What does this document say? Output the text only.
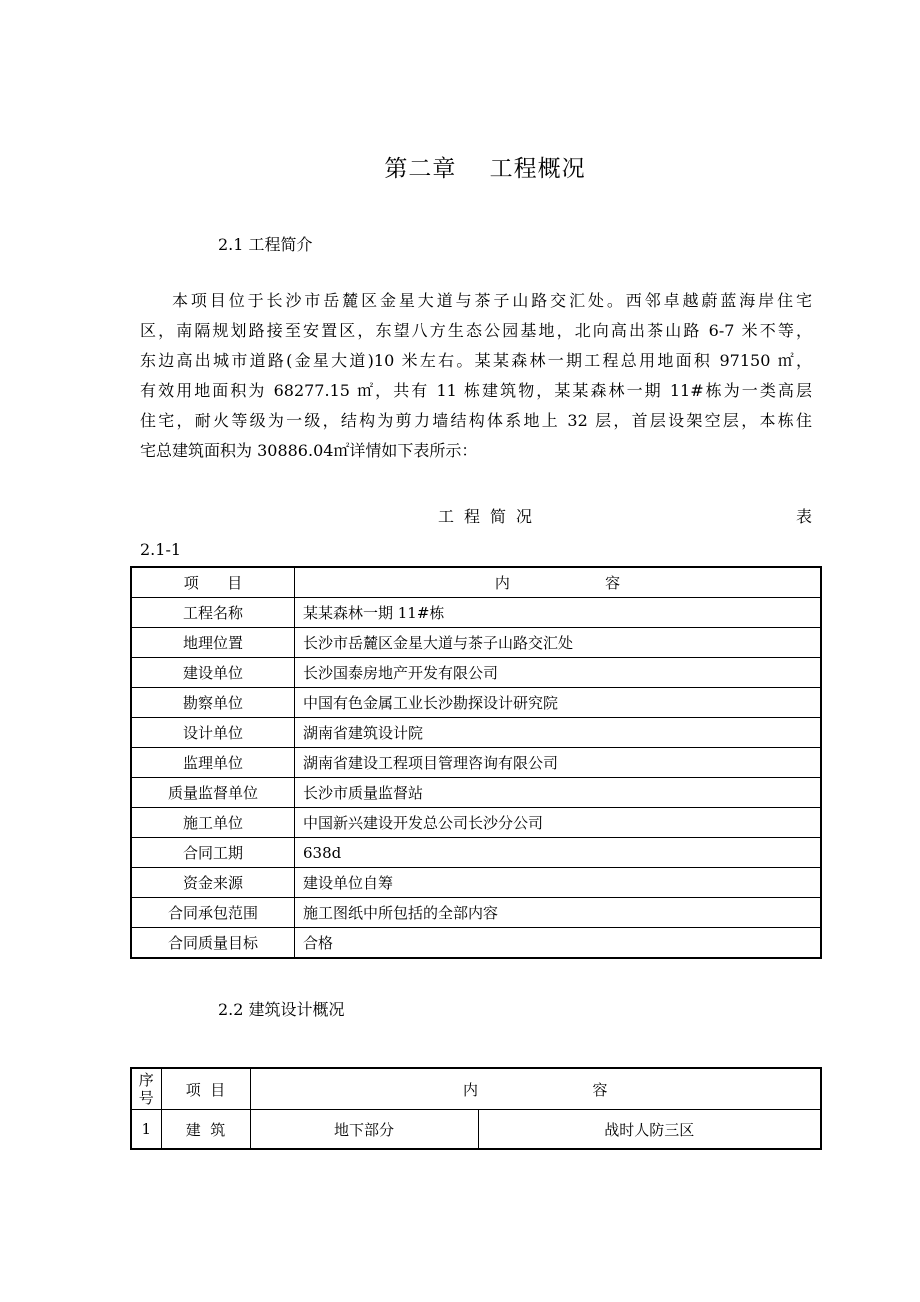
第二章    工程概况
2.1 工程简介
本项目位于长沙市岳麓区金星大道与茶子山路交汇处。西邻卓越蔚蓝海岸住宅
区，南隔规划路接至安置区，东望八方生态公园基地，北向高出茶山路 6-7 米不等，
东边高出城市道路(金星大道)10 米左右。某某森林一期工程总用地面积 97150 ㎡，
有效用地面积为 68277.15 ㎡，共有 11 栋建筑物，某某森林一期 11#栋为一类高层
住宅，耐火等级为一级，结构为剪力墙结构体系地上 32 层，首层设架空层，本栋住
宅总建筑面积为 30886.04㎡详情如下表所示：
工程简况	表
2.1-1
项      目	内                    容
工程名称	某某森林一期 11#栋
地理位置	长沙市岳麓区金星大道与茶子山路交汇处
建设单位	长沙国泰房地产开发有限公司
勘察单位	中国有色金属工业长沙勘探设计研究院
设计单位	湖南省建筑设计院
监理单位	湖南省建设工程项目管理咨询有限公司
质量监督单位	长沙市质量监督站
施工单位	中国新兴建设开发总公司长沙分公司
合同工期	638d
资金来源	建设单位自筹
合同承包范围	施工图纸中所包括的全部内容
合同质量目标	合格
2.2 建筑设计概况
序
号	项  目	内                        容	
1	建  筑	地下部分	战时人防三区
